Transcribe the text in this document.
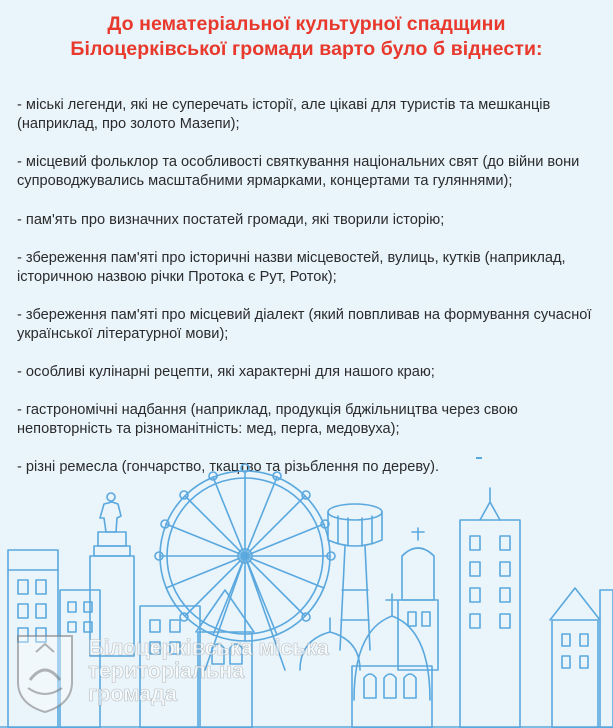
До нематеріальної культурної спадщини
Білоцерківської громади варто було б віднести:
- міські легенди, які не суперечать історії, але цікаві для туристів та мешканців (наприклад, про золото Мазепи);
- місцевий фольклор та особливості святкування національних свят (до війни вони супроводжувались масштабними ярмарками, концертами та гуляннями);
- пам'ять про визначних постатей громади, які творили історію;
- збереження пам'яті про історичні назви місцевостей, вулиць, кутків (наприклад, історичною назвою річки Протока є Рут, Роток);
- збереження пам'яті про місцевий діалект (який повпливав на формування сучасної української літературної мови);
- особливі кулінарні рецепти, які характерні для нашого краю;
- гастрономічні надбання (наприклад, продукція бджільництва через свою неповторність та різноманітність: мед, перга, медовуха);
- різні ремесла (гончарство, ткацтво та різьблення по дереву).
Білоцерківська міська
територіальна
громада
